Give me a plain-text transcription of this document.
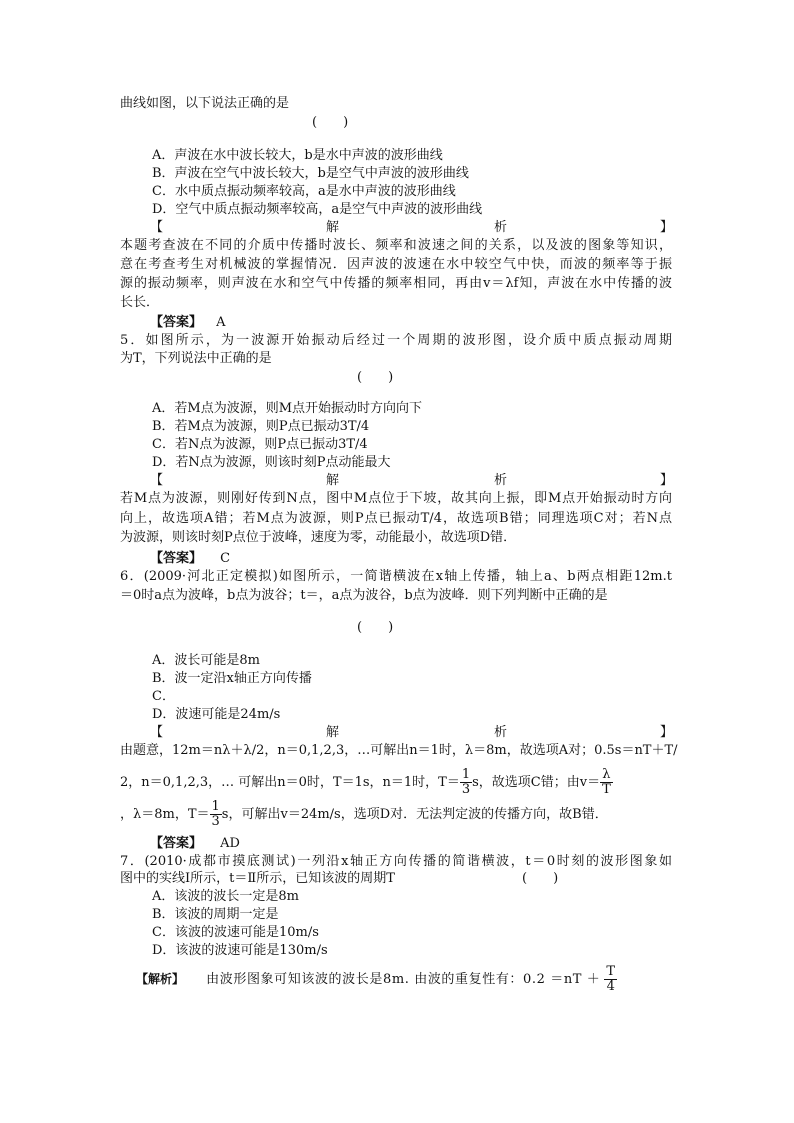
曲线如图，以下说法正确的是
(　　)
A．声波在水中波长较大，b是水中声波的波形曲线
B．声波在空气中波长较大，b是空气中声波的波形曲线
C．水中质点振动频率较高，a是水中声波的波形曲线
D．空气中质点振动频率较高，a是空气中声波的波形曲线
【	解	析	】
本题考查波在不同的介质中传播时波长、频率和波速之间的关系，以及波的图象等知识，
意在考查考生对机械波的掌握情况．因声波的波速在水中较空气中快，而波的频率等于振
源的振动频率，则声波在水和空气中传播的频率相同，再由v＝λf知，声波在水中传播的波
长长．
【答案】 A
5．如图所示，为一波源开始振动后经过一个周期的波形图，设介质中质点振动周期
为T，下列说法中正确的是
(　　)
A．若M点为波源，则M点开始振动时方向向下
B．若M点为波源，则P点已振动3T/4
C．若N点为波源，则P点已振动3T/4
D．若N点为波源，则该时刻P点动能最大
【	解	析	】
若M点为波源，则刚好传到N点，图中M点位于下坡，故其向上振，即M点开始振动时方向
向上，故选项A错；若M点为波源，则P点已振动T/4，故选项B错；同理选项C对；若N点
为波源，则该时刻P点位于波峰，速度为零，动能最小，故选项D错．
【答案】 C
6．(2009·河北正定模拟)如图所示，一简谐横波在x轴上传播，轴上a、b两点相距12m.t
＝0时a点为波峰，b点为波谷；t＝，a点为波谷，b点为波峰．则下列判断中正确的是
(　　)
A．波长可能是8m
B．波一定沿x轴正方向传播
C．
D．波速可能是24m/s
【	解	析	】
由题意，12m＝nλ＋λ/2，n＝0,1,2,3，…可解出n＝1时，λ＝8m，故选项A对；0.5s＝nT＋T/
2，n＝0,1,2,3，… 可解出n＝0时，T＝1s，n＝1时，$T= \frac{1}{3}$ s，故选项C错；由$v= \frac{\lambda}{T}$
，λ＝8m，$T= \frac{1}{3}$ s，可解出v＝24m/s，选项D对．无法判定波的传播方向，故B错．
【答案】 AD
7．(2010·成都市摸底测试)一列沿x轴正方向传播的简谐横波，t＝0时刻的波形图象如
图中的实线Ⅰ所示，t＝Ⅱ所示，已知该波的周期T	(　　)
A．该波的波长一定是8m
B．该波的周期一定是
C．该波的波速可能是10m/s
D．该波的波速可能是130m/s
【解析】 由波形图象可知该波的波长是8m. 由波的重复性有：$0.2 =nT + \frac{T}{4}$
